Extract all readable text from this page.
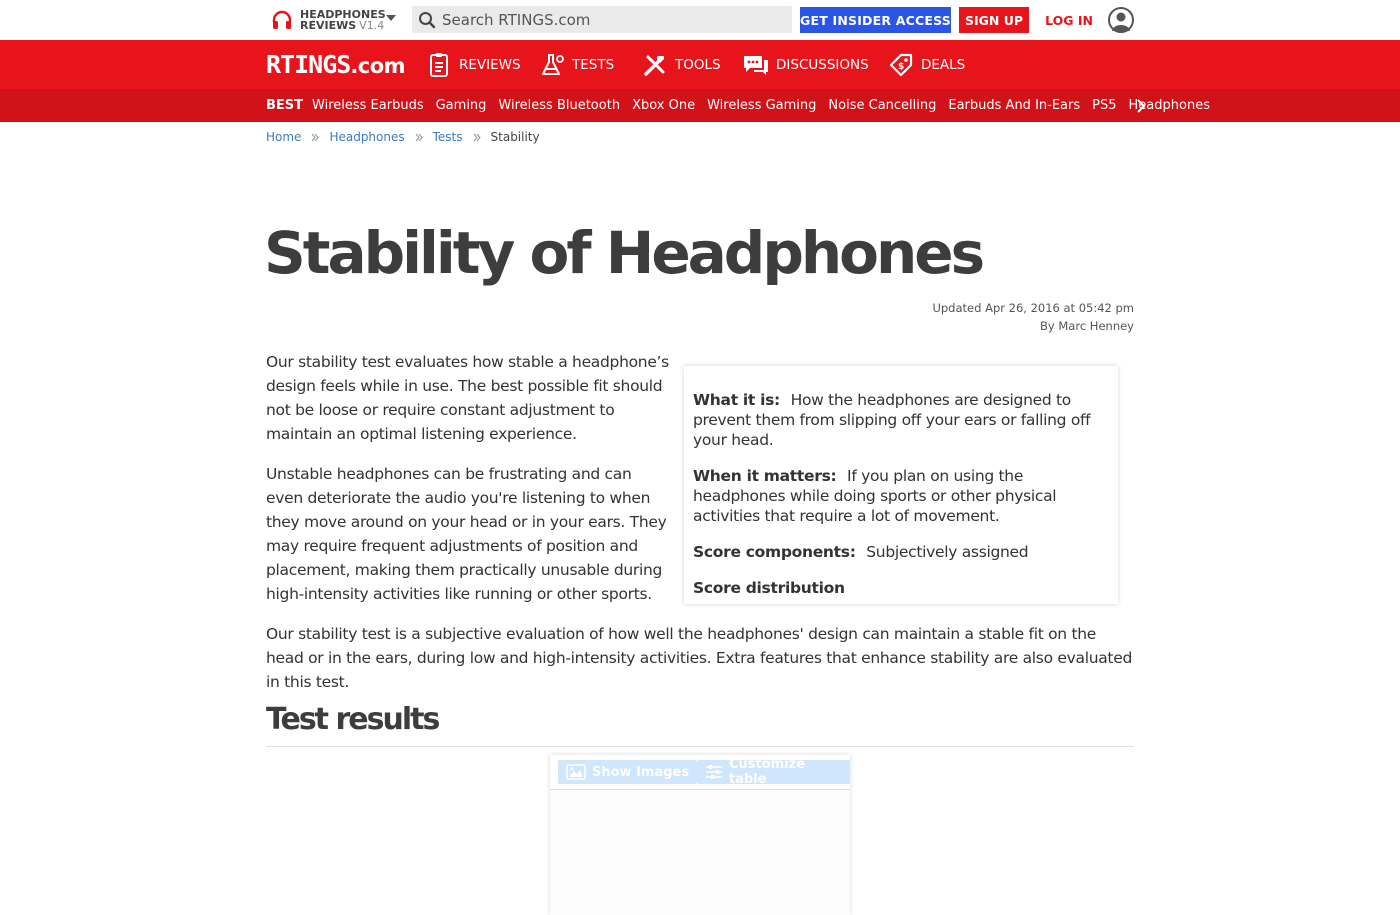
HEADPHONES
REVIEWS V1.4
Search RTINGS.com	GET INSIDER ACCESS	SIGN UP	LOG IN
RTINGS.com	REVIEWS	TESTS	TOOLS	DISCUSSIONS	$ DEALS
BEST Wireless Earbuds Gaming Wireless Bluetooth Xbox One Wireless Gaming Noise Cancelling Earbuds And In-Ears PS5 Headphones
Home Headphones Tests Stability
Stability of Headphones
Updated Apr 26, 2016 at 05:42 pm
By Marc Henney

Our stability test evaluates how stable a headphone’s design feels while in use. The best possible fit should not be loose or require constant adjustment to maintain an optimal listening experience.

Unstable headphones can be frustrating and can even deteriorate the audio you're listening to when they move around on your head or in your ears. They may require frequent adjustments of position and placement, making them practically unusable during high-intensity activities like running or other sports.

What it is: How the headphones are designed to prevent them from slipping off your ears or falling off your head.
When it matters: If you plan on using the headphones while doing sports or other physical activities that require a lot of movement.
Score components: Subjectively assigned
Score distribution

Our stability test is a subjective evaluation of how well the headphones' design can maintain a stable fit on the head or in the ears, during low and high-intensity activities. Extra features that enhance stability are also evaluated in this test.

Test results
Show Images	Customize table
